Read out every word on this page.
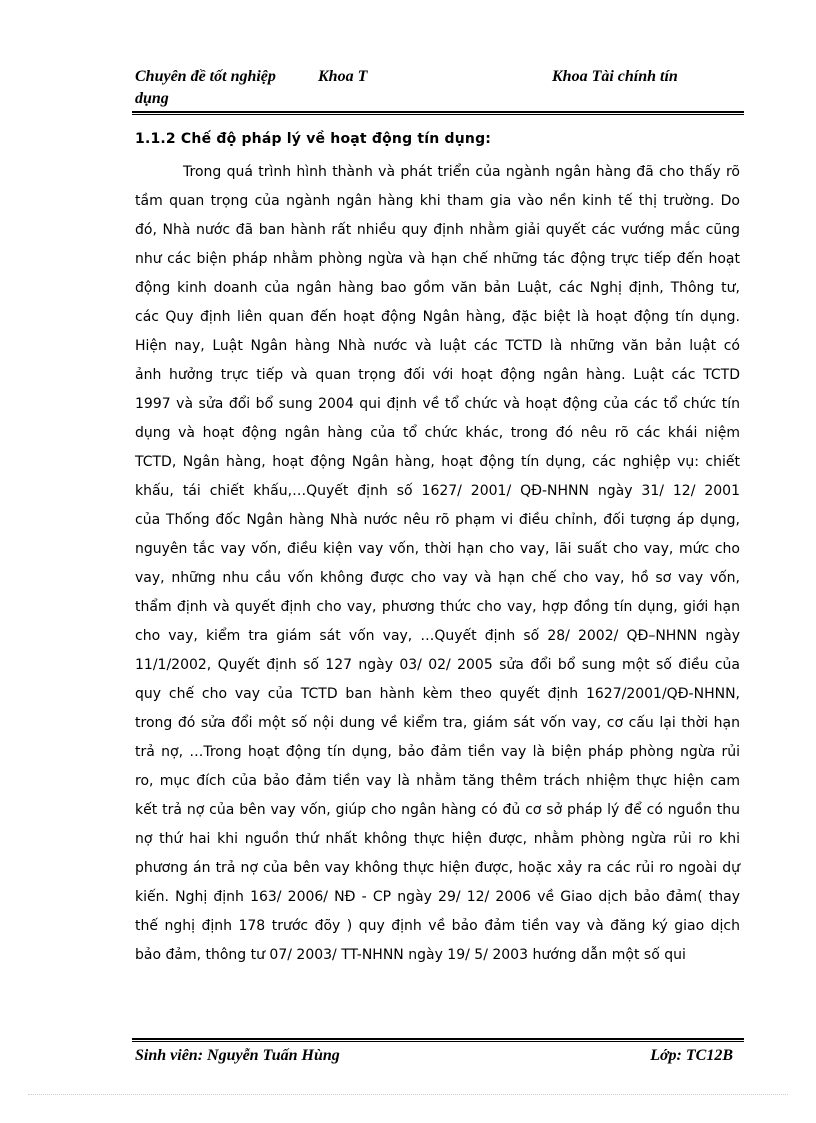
Chuyên đề tốt nghiệp	Khoa T	Khoa Tài chính tín
dụng
1.1.2 Chế độ pháp lý về hoạt động tín dụng:
Trong quá trình hình thành và phát triển của ngành ngân hàng đã cho thấy rõ
tầm quan trọng của ngành ngân hàng khi tham gia vào nền kinh tế thị trường. Do
đó, Nhà nước đã ban hành rất nhiều quy định nhằm giải quyết các vướng mắc cũng
như các biện pháp nhằm phòng ngừa và hạn chế những tác động trực tiếp đến hoạt
động kinh doanh của ngân hàng bao gồm văn bản Luật, các Nghị định, Thông tư,
các Quy định liên quan đến hoạt động Ngân hàng, đặc biệt là hoạt động tín dụng.
Hiện nay, Luật Ngân hàng Nhà nước và luật các TCTD là những văn bản luật có
ảnh hưởng trực tiếp và quan trọng đối với hoạt động ngân hàng. Luật các TCTD
1997 và sửa đổi bổ sung 2004 qui định về tổ chức và hoạt động của các tổ chức tín
dụng và hoạt động ngân hàng của tổ chức khác, trong đó nêu rõ các khái niệm
TCTD, Ngân hàng, hoạt động Ngân hàng, hoạt động tín dụng, các nghiệp vụ: chiết
khấu, tái chiết khấu,…Quyết định số 1627/ 2001/ QĐ-NHNN ngày 31/ 12/ 2001
của Thống đốc Ngân hàng Nhà nước nêu rõ phạm vi điều chỉnh, đối tượng áp dụng,
nguyên tắc vay vốn, điều kiện vay vốn, thời hạn cho vay, lãi suất cho vay, mức cho
vay, những nhu cầu vốn không được cho vay và hạn chế cho vay, hồ sơ vay vốn,
thẩm định và quyết định cho vay, phương thức cho vay, hợp đồng tín dụng, giới hạn
cho vay, kiểm tra giám sát vốn vay, …Quyết định số 28/ 2002/ QĐ–NHNN ngày
11/1/2002, Quyết định số 127 ngày 03/ 02/ 2005 sửa đổi bổ sung một số điều của
quy chế cho vay của TCTD ban hành kèm theo quyết định 1627/2001/QĐ-NHNN,
trong đó sửa đổi một số nội dung về kiểm tra, giám sát vốn vay, cơ cấu lại thời hạn
trả nợ, …Trong hoạt động tín dụng, bảo đảm tiền vay là biện pháp phòng ngừa rủi
ro, mục đích của bảo đảm tiền vay là nhằm tăng thêm trách nhiệm thực hiện cam
kết trả nợ của bên vay vốn, giúp cho ngân hàng có đủ cơ sở pháp lý để có nguồn thu
nợ thứ hai khi nguồn thứ nhất không thực hiện được, nhằm phòng ngừa rủi ro khi
phương án trả nợ của bên vay không thực hiện được, hoặc xảy ra các rủi ro ngoài dự
kiến. Nghị định 163/ 2006/ NĐ - CP ngày 29/ 12/ 2006 về Giao dịch bảo đảm( thay
thế nghị định 178 trước đõy ) quy định về bảo đảm tiền vay và đăng ký giao dịch
bảo đảm, thông tư 07/ 2003/ TT-NHNN ngày 19/ 5/ 2003 hướng dẫn một số qui
Sinh viên: Nguyễn Tuấn Hùng	Lớp: TC12B
